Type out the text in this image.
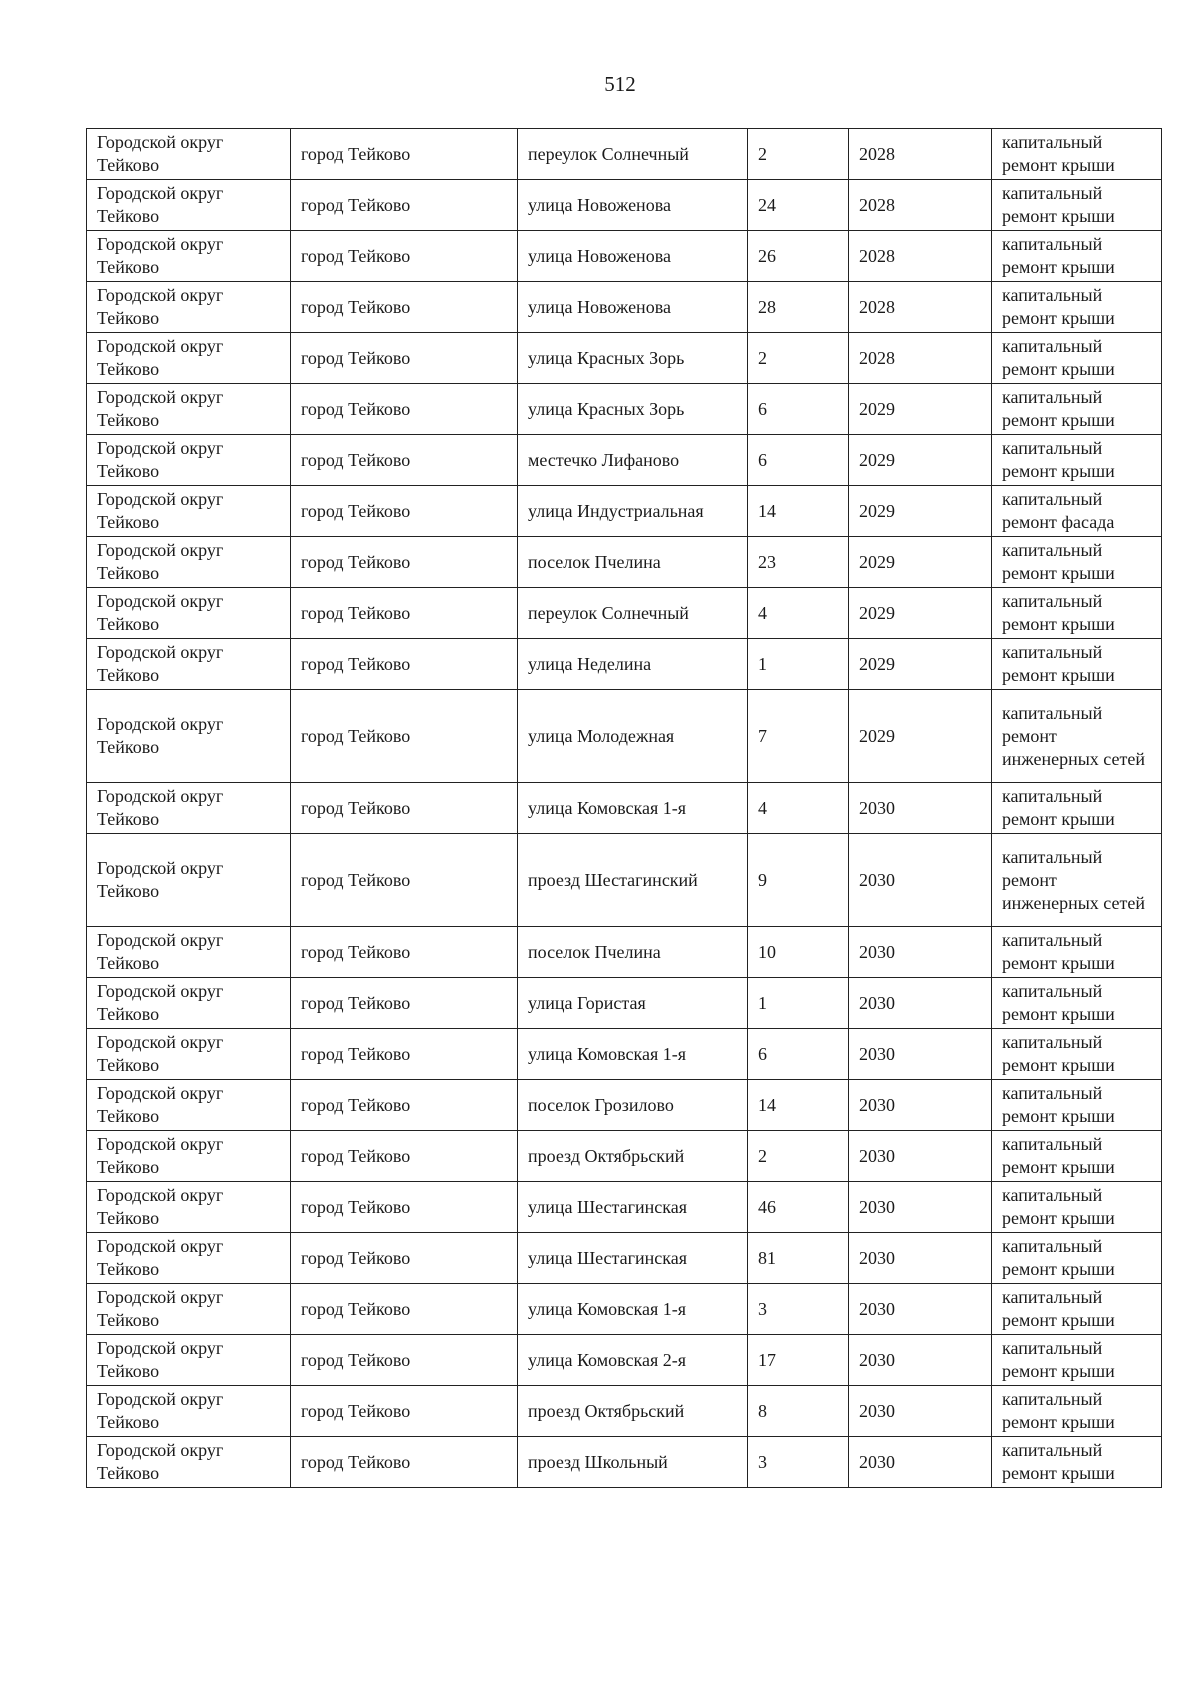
512
Городской округ Тейково	город Тейково	переулок Солнечный	2	2028	капитальный ремонт крыши
Городской округ Тейково	город Тейково	улица Новоженова	24	2028	капитальный ремонт крыши
Городской округ Тейково	город Тейково	улица Новоженова	26	2028	капитальный ремонт крыши
Городской округ Тейково	город Тейково	улица Новоженова	28	2028	капитальный ремонт крыши
Городской округ Тейково	город Тейково	улица Красных Зорь	2	2028	капитальный ремонт крыши
Городской округ Тейково	город Тейково	улица Красных Зорь	6	2029	капитальный ремонт крыши
Городской округ Тейково	город Тейково	местечко Лифаново	6	2029	капитальный ремонт крыши
Городской округ Тейково	город Тейково	улица Индустриальная	14	2029	капитальный ремонт фасада
Городской округ Тейково	город Тейково	поселок Пчелина	23	2029	капитальный ремонт крыши
Городской округ Тейково	город Тейково	переулок Солнечный	4	2029	капитальный ремонт крыши
Городской округ Тейково	город Тейково	улица Неделина	1	2029	капитальный ремонт крыши
Городской округ Тейково	город Тейково	улица Молодежная	7	2029	капитальный ремонт инженерных сетей
Городской округ Тейково	город Тейково	улица Комовская 1-я	4	2030	капитальный ремонт крыши
Городской округ Тейково	город Тейково	проезд Шестагинский	9	2030	капитальный ремонт инженерных сетей
Городской округ Тейково	город Тейково	поселок Пчелина	10	2030	капитальный ремонт крыши
Городской округ Тейково	город Тейково	улица Гористая	1	2030	капитальный ремонт крыши
Городской округ Тейково	город Тейково	улица Комовская 1-я	6	2030	капитальный ремонт крыши
Городской округ Тейково	город Тейково	поселок Грозилово	14	2030	капитальный ремонт крыши
Городской округ Тейково	город Тейково	проезд Октябрьский	2	2030	капитальный ремонт крыши
Городской округ Тейково	город Тейково	улица Шестагинская	46	2030	капитальный ремонт крыши
Городской округ Тейково	город Тейково	улица Шестагинская	81	2030	капитальный ремонт крыши
Городской округ Тейково	город Тейково	улица Комовская 1-я	3	2030	капитальный ремонт крыши
Городской округ Тейково	город Тейково	улица Комовская 2-я	17	2030	капитальный ремонт крыши
Городской округ Тейково	город Тейково	проезд Октябрьский	8	2030	капитальный ремонт крыши
Городской округ Тейково	город Тейково	проезд Школьный	3	2030	капитальный ремонт крыши
